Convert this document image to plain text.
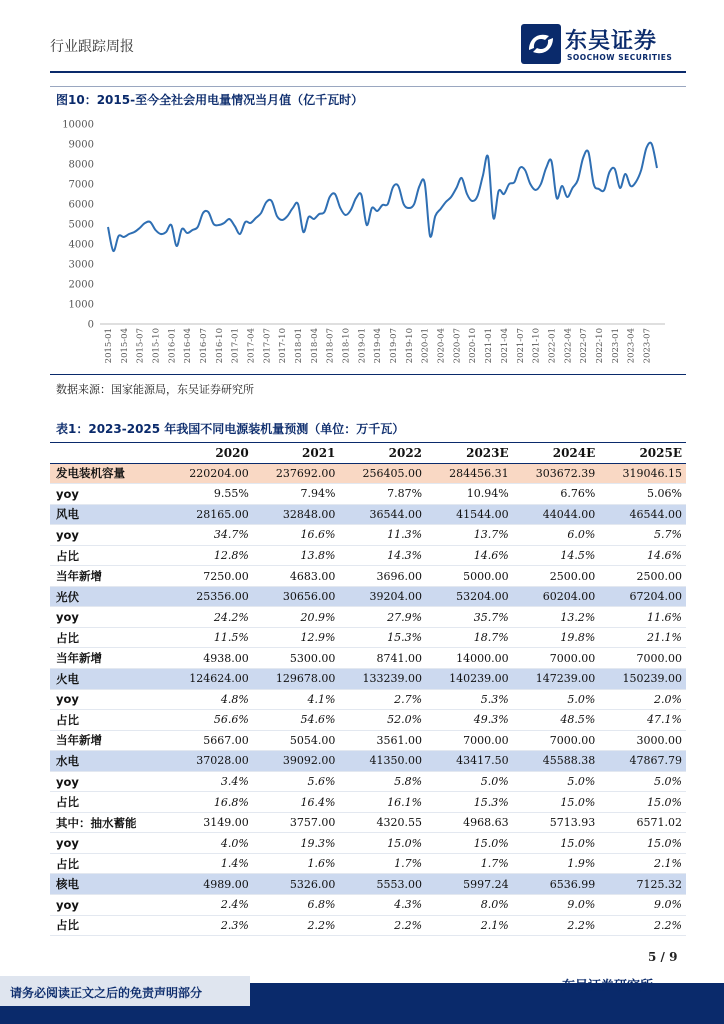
行业跟踪周报	东吴证券
SOOCHOW SECURITIES
图10：2015-至今全社会用电量情况当月值（亿千瓦时）
0
1000
2000
3000
4000
5000
6000
7000
8000
9000
10000
2015-01 2015-04 2015-07 2015-10 2016-01 2016-04 2016-07 2016-10 2017-01 2017-04 2017-07 2017-10 2018-01 2018-04 2018-07 2018-10 2019-01 2019-04 2019-07 2019-10 2020-01 2020-04 2020-07 2020-10 2021-01 2021-04 2021-07 2021-10 2022-01 2022-04 2022-07 2022-10 2023-01 2023-04 2023-07
数据来源：国家能源局，东吴证券研究所
表1：2023-2025 年我国不同电源装机量预测（单位：万千瓦）
	2020	2021	2022	2023E	2024E	2025E
发电装机容量	220204.00	237692.00	256405.00	284456.31	303672.39	319046.15
yoy	9.55%	7.94%	7.87%	10.94%	6.76%	5.06%
风电	28165.00	32848.00	36544.00	41544.00	44044.00	46544.00
yoy	34.7%	16.6%	11.3%	13.7%	6.0%	5.7%
占比	12.8%	13.8%	14.3%	14.6%	14.5%	14.6%
当年新增	7250.00	4683.00	3696.00	5000.00	2500.00	2500.00
光伏	25356.00	30656.00	39204.00	53204.00	60204.00	67204.00
yoy	24.2%	20.9%	27.9%	35.7%	13.2%	11.6%
占比	11.5%	12.9%	15.3%	18.7%	19.8%	21.1%
当年新增	4938.00	5300.00	8741.00	14000.00	7000.00	7000.00
火电	124624.00	129678.00	133239.00	140239.00	147239.00	150239.00
yoy	4.8%	4.1%	2.7%	5.3%	5.0%	2.0%
占比	56.6%	54.6%	52.0%	49.3%	48.5%	47.1%
当年新增	5667.00	5054.00	3561.00	7000.00	7000.00	3000.00
水电	37028.00	39092.00	41350.00	43417.50	45588.38	47867.79
yoy	3.4%	5.6%	5.8%	5.0%	5.0%	5.0%
占比	16.8%	16.4%	16.1%	15.3%	15.0%	15.0%
其中：抽水蓄能	3149.00	3757.00	4320.55	4968.63	5713.93	6571.02
yoy	4.0%	19.3%	15.0%	15.0%	15.0%	15.0%
占比	1.4%	1.6%	1.7%	1.7%	1.9%	2.1%
核电	4989.00	5326.00	5553.00	5997.24	6536.99	7125.32
yoy	2.4%	6.8%	4.3%	8.0%	9.0%	9.0%
占比	2.3%	2.2%	2.2%	2.1%	2.2%	2.2%
5 / 9
请务必阅读正文之后的免责声明部分	东吴证券研究所
